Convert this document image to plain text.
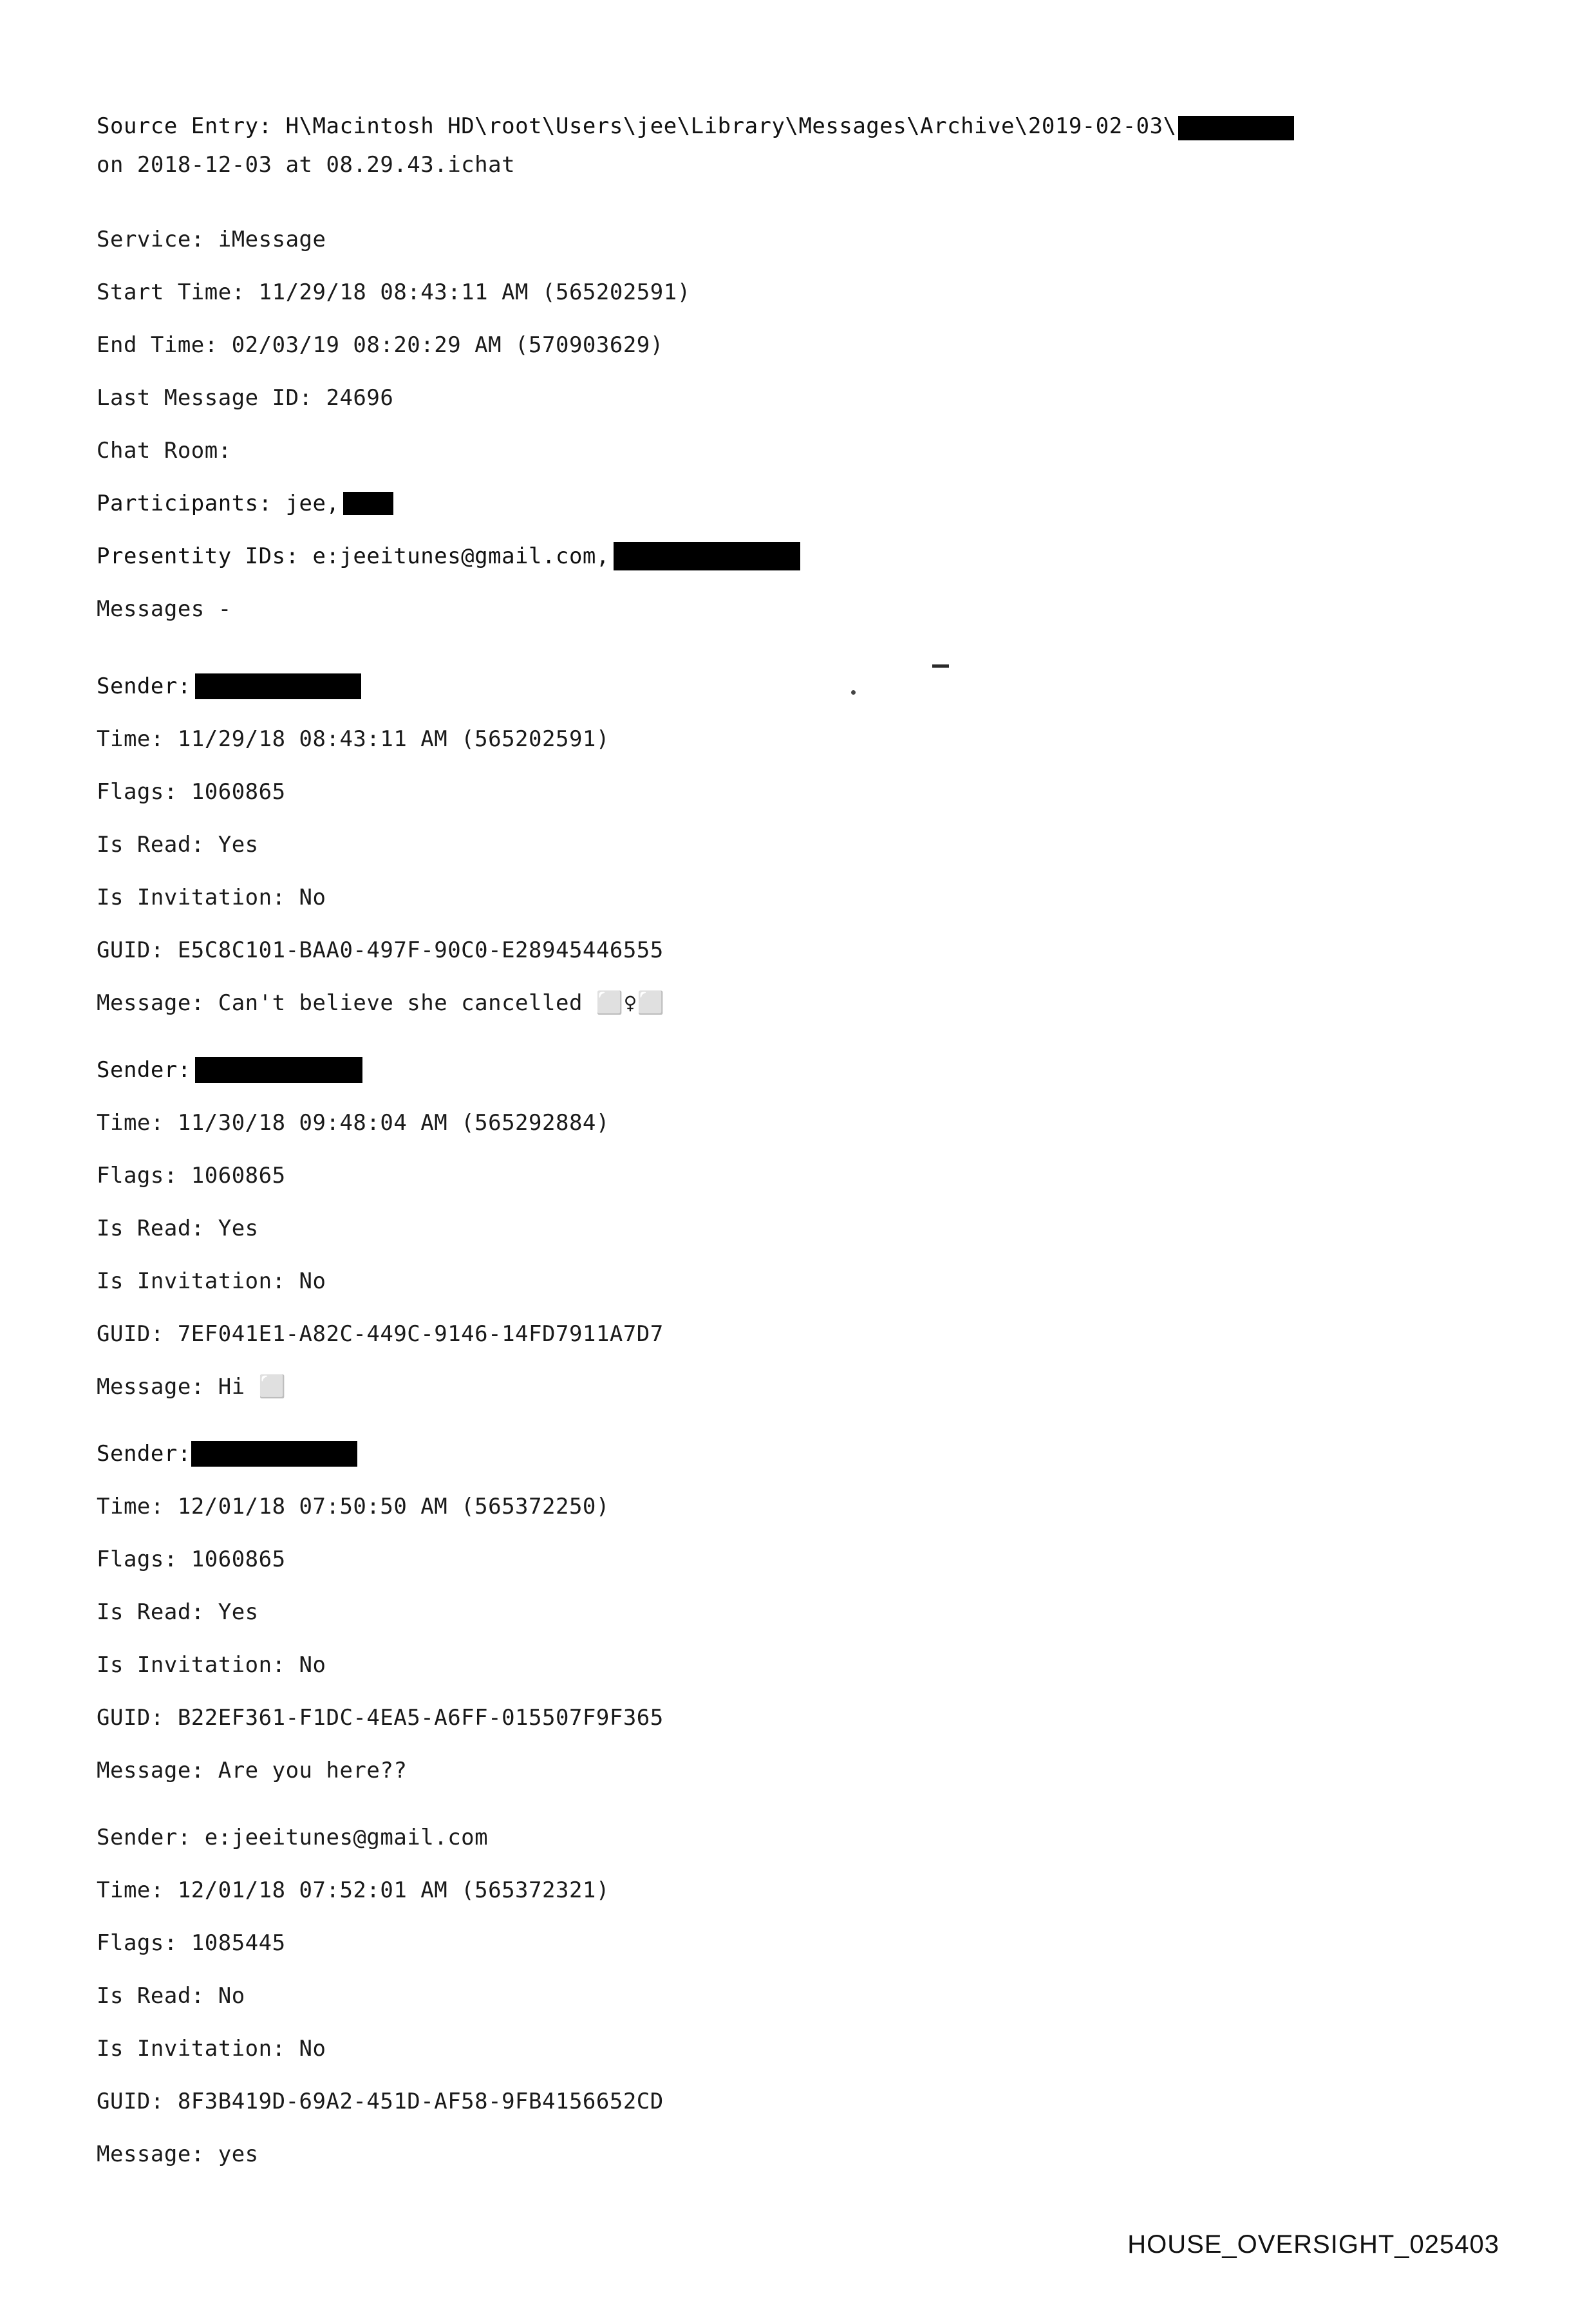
Source Entry:
H\Macintosh HD\root\Users\jee\Library\Messages\Archive\2019-02-03\
on 2018-12-03 at 08.29.43.ichat
Service: iMessage
Start Time: 11/29/18 08:43:11 AM (565202591)
End Time: 02/03/19 08:20:29 AM (570903629)
Last Message ID: 24696
Chat Room:
Participants: jee,
Presentity IDs: e:jeeitunes@gmail.com,
Messages -
Sender:
Time: 11/29/18 08:43:11 AM (565202591)
Flags: 1060865
Is Read: Yes
Is Invitation: No
GUID: E5C8C101-BAA0-497F-90C0-E28945446555
Message: Can't believe she cancelled ⬜♀⬜
Sender:
Time: 11/30/18 09:48:04 AM (565292884)
Flags: 1060865
Is Read: Yes
Is Invitation: No
GUID: 7EF041E1-A82C-449C-9146-14FD7911A7D7
Message: Hi ⬜
Sender:
Time: 12/01/18 07:50:50 AM (565372250)
Flags: 1060865
Is Read: Yes
Is Invitation: No
GUID: B22EF361-F1DC-4EA5-A6FF-015507F9F365
Message: Are you here??
Sender: e:jeeitunes@gmail.com
Time: 12/01/18 07:52:01 AM (565372321)
Flags: 1085445
Is Read: No
Is Invitation: No
GUID: 8F3B419D-69A2-451D-AF58-9FB4156652CD
Message: yes
HOUSE_OVERSIGHT_025403
